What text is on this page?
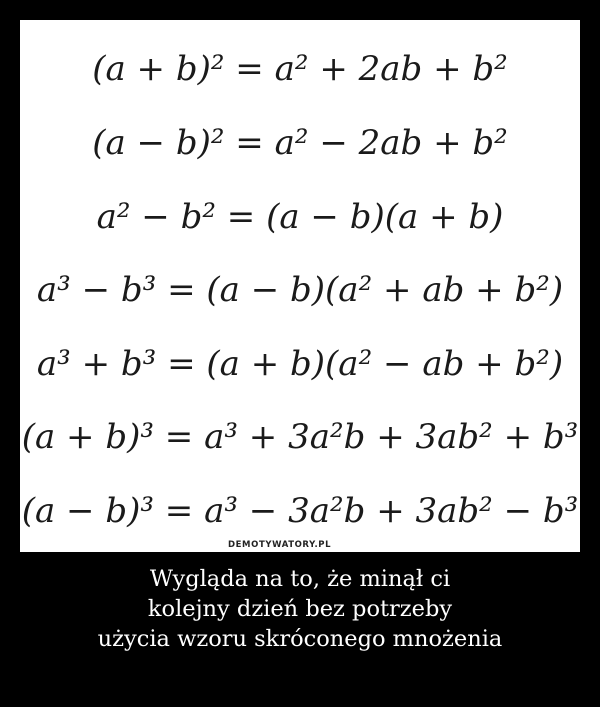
(a + b)² = a² + 2ab + b²
(a − b)² = a² − 2ab + b²
a² − b² = (a − b)(a + b)
a³ − b³ = (a − b)(a² + ab + b²)
a³ + b³ = (a + b)(a² − ab + b²)
(a + b)³ = a³ + 3a²b + 3ab² + b³
(a − b)³ = a³ − 3a²b + 3ab² − b³
DEMOTYWATORY.PL
Wygląda na to, że minął ci
kolejny dzień bez potrzeby
użycia wzoru skróconego mnożenia
